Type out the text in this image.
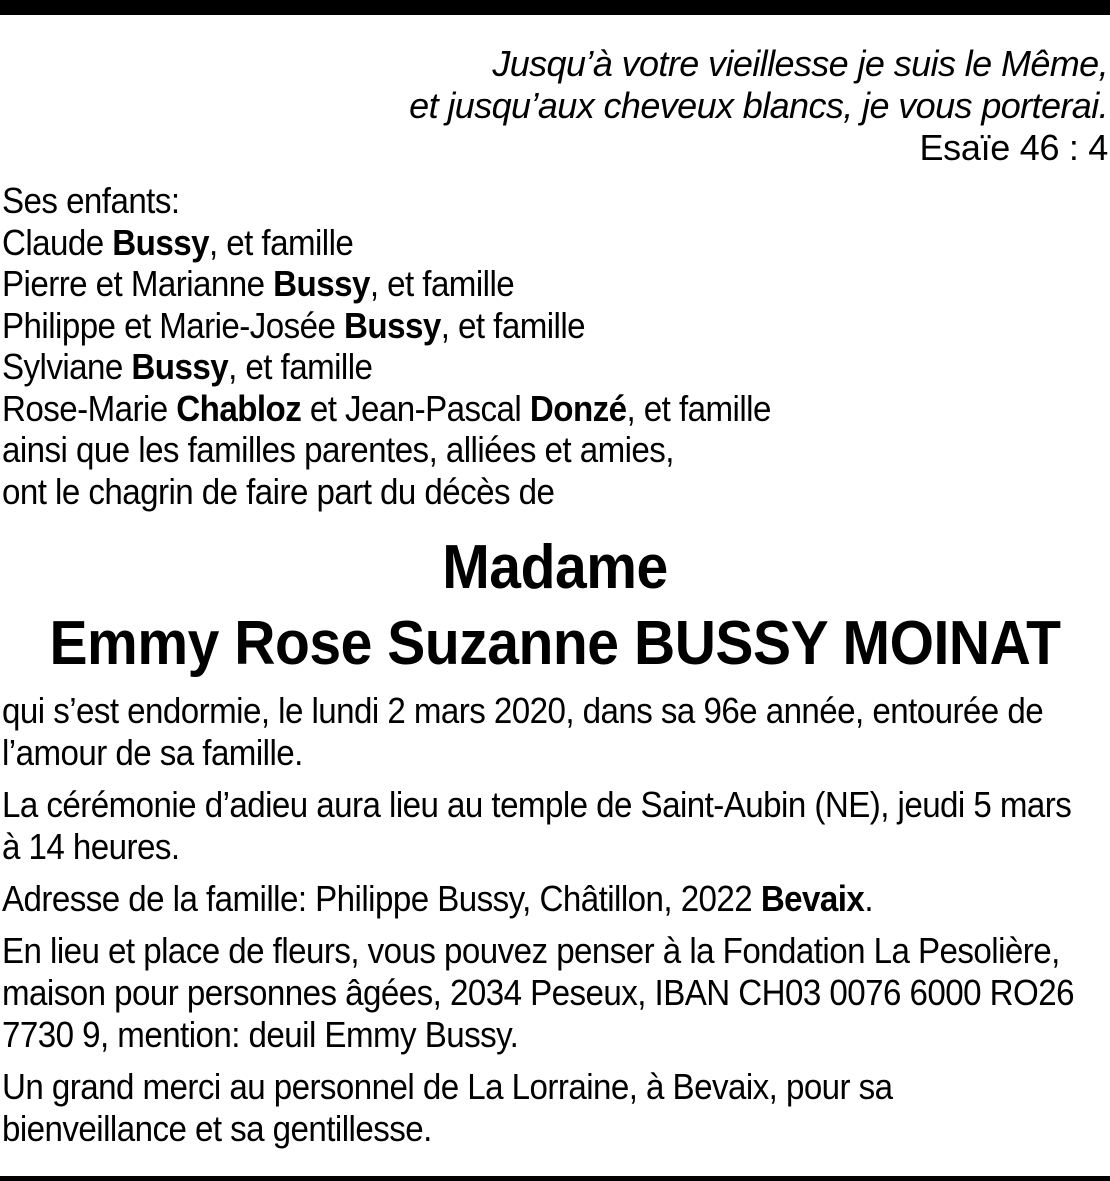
Jusqu’à votre vieillesse je suis le Même,
et jusqu’aux cheveux blancs, je vous porterai.
Esaïe 46 : 4
Ses enfants:
Claude Bussy, et famille
Pierre et Marianne Bussy, et famille
Philippe et Marie-Josée Bussy, et famille
Sylviane Bussy, et famille
Rose-Marie Chabloz et Jean-Pascal Donzé, et famille
ainsi que les familles parentes, alliées et amies,
ont le chagrin de faire part du décès de
Madame
Emmy Rose Suzanne BUSSY MOINAT

qui s’est endormie, le lundi 2 mars 2020, dans sa 96e année, entourée de l’amour de sa famille.

La cérémonie d’adieu aura lieu au temple de Saint-Aubin (NE), jeudi 5 mars à 14 heures.

Adresse de la famille: Philippe Bussy, Châtillon, 2022 Bevaix.

En lieu et place de fleurs, vous pouvez penser à la Fondation La Pesolière, maison pour personnes âgées, 2034 Peseux, IBAN CH03 0076 6000 RO26 7730 9, mention: deuil Emmy Bussy.

Un grand merci au personnel de La Lorraine, à Bevaix, pour sa bienveillance et sa gentillesse.
